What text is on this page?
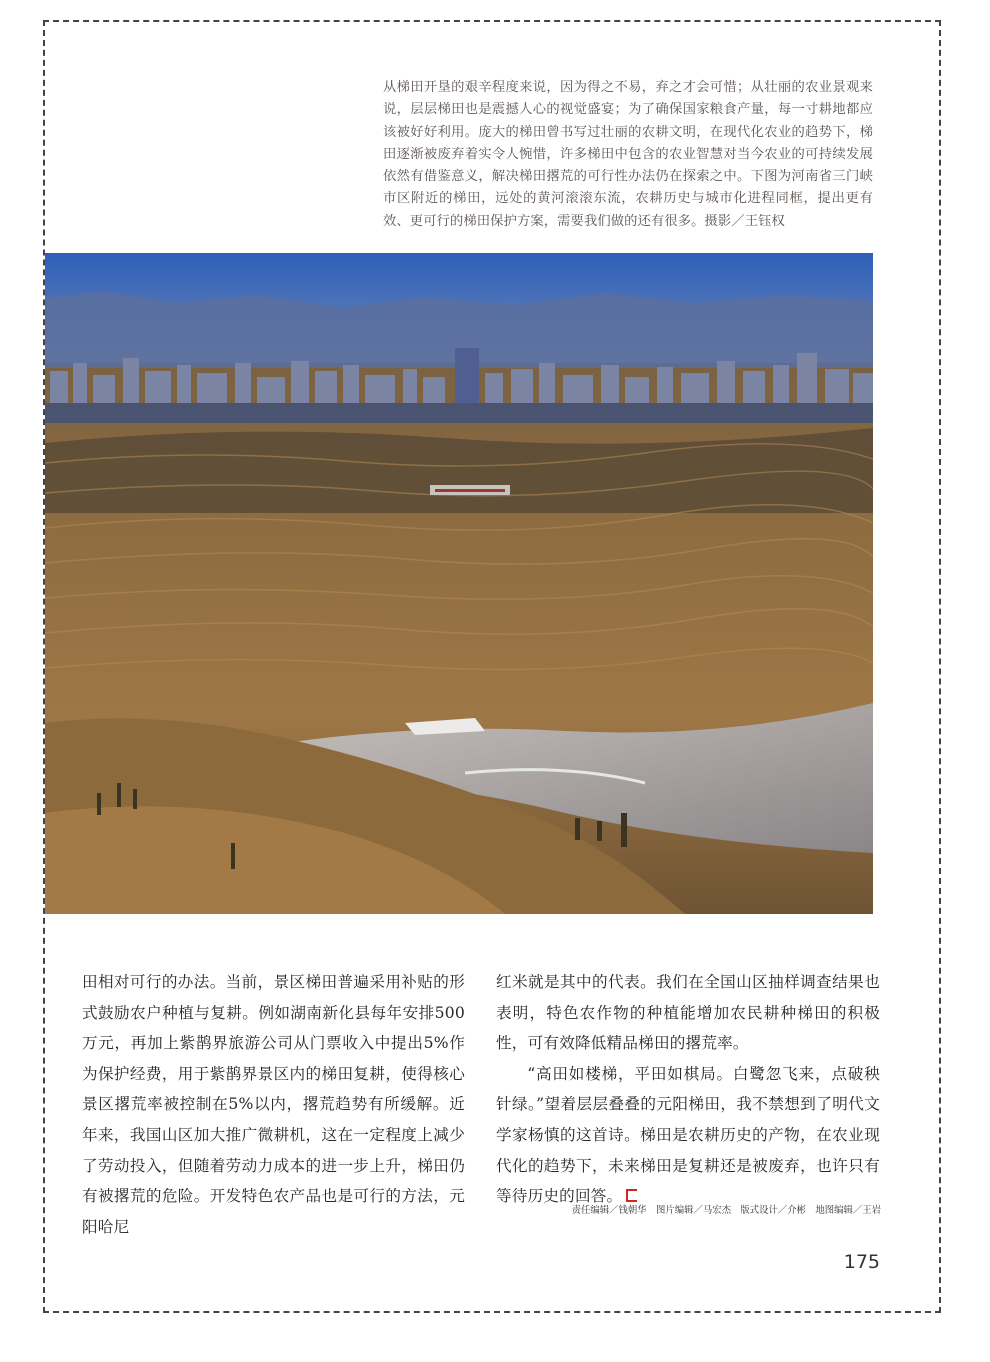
从梯田开垦的艰辛程度来说，因为得之不易，弃之才会可惜；从壮丽的农业景观来说，层层梯田也是震撼人心的视觉盛宴；为了确保国家粮食产量，每一寸耕地都应该被好好利用。庞大的梯田曾书写过壮丽的农耕文明，在现代化农业的趋势下，梯田逐渐被废弃着实令人惋惜，许多梯田中包含的农业智慧对当今农业的可持续发展依然有借鉴意义，解决梯田撂荒的可行性办法仍在探索之中。下图为河南省三门峡市区附近的梯田，远处的黄河滚滚东流，农耕历史与城市化进程同框，提出更有效、更可行的梯田保护方案，需要我们做的还有很多。摄影／王钰权

田相对可行的办法。当前，景区梯田普遍采用补贴的形式鼓励农户种植与复耕。例如湖南新化县每年安排500万元，再加上紫鹊界旅游公司从门票收入中提出5%作为保护经费，用于紫鹊界景区内的梯田复耕，使得核心景区撂荒率被控制在5%以内，撂荒趋势有所缓解。近年来，我国山区加大推广微耕机，这在一定程度上减少了劳动投入，但随着劳动力成本的进一步上升，梯田仍有被撂荒的危险。开发特色农产品也是可行的方法，元阳哈尼

红米就是其中的代表。我们在全国山区抽样调查结果也表明，特色农作物的种植能增加农民耕种梯田的积极性，可有效降低精品梯田的撂荒率。

“高田如楼梯，平田如棋局。白鹭忽飞来，点破秧针绿。”望着层层叠叠的元阳梯田，我不禁想到了明代文学家杨慎的这首诗。梯田是农耕历史的产物，在农业现代化的趋势下，未来梯田是复耕还是被废弃，也许只有等待历史的回答。

责任编辑／钱朝华　图片编辑／马宏杰　版式设计／介彬　地图编辑／王岩
175
